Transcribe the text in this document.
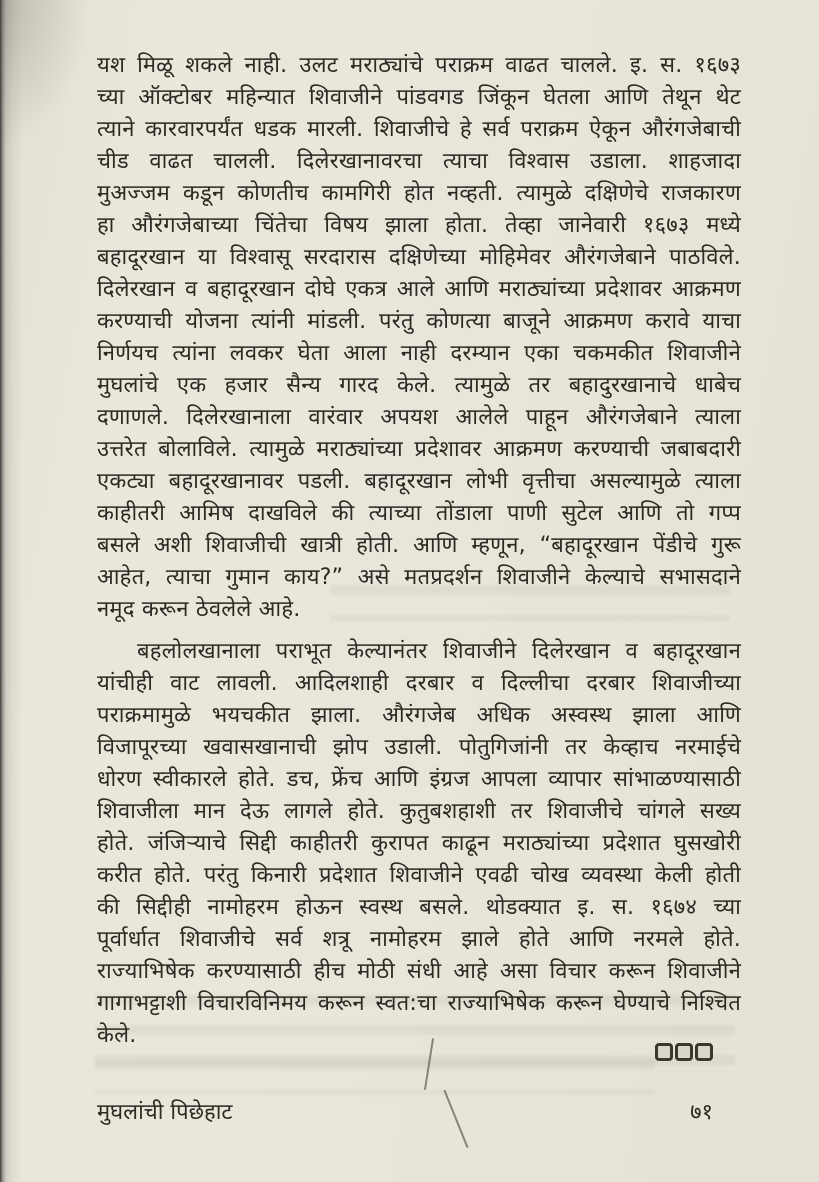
यश मिळू शकले नाही. उलट मराठ्यांचे पराक्रम वाढत चालले. इ. स. १६७३
च्या ऑक्टोबर महिन्यात शिवाजीने पांडवगड जिंकून घेतला आणि तेथून थेट
त्याने कारवारपर्यंत धडक मारली. शिवाजीचे हे सर्व पराक्रम ऐकून औरंगजेबाची
चीड वाढत चालली. दिलेरखानावरचा त्याचा विश्वास उडाला. शाहजादा
मुअज्जम कडून कोणतीच कामगिरी होत नव्हती. त्यामुळे दक्षिणेचे राजकारण
हा औरंगजेबाच्या चिंतेचा विषय झाला होता. तेव्हा जानेवारी १६७३ मध्ये
बहादूरखान या विश्वासू सरदारास दक्षिणेच्या मोहिमेवर औरंगजेबाने पाठविले.
दिलेरखान व बहादूरखान दोघे एकत्र आले आणि मराठ्यांच्या प्रदेशावर आक्रमण
करण्याची योजना त्यांनी मांडली. परंतु कोणत्या बाजूने आक्रमण करावे याचा
निर्णयच त्यांना लवकर घेता आला नाही दरम्यान एका चकमकीत शिवाजीने
मुघलांचे एक हजार सैन्य गारद केले. त्यामुळे तर बहादुरखानाचे धाबेच
दणाणले. दिलेरखानाला वारंवार अपयश आलेले पाहून औरंगजेबाने त्याला
उत्तरेत बोलाविले. त्यामुळे मराठ्यांच्या प्रदेशावर आक्रमण करण्याची जबाबदारी
एकट्या बहादूरखानावर पडली. बहादूरखान लोभी वृत्तीचा असल्यामुळे त्याला
काहीतरी आमिष दाखविले की त्याच्या तोंडाला पाणी सुटेल आणि तो गप्प
बसले अशी शिवाजीची खात्री होती. आणि म्हणून, “बहादूरखान पेंडीचे गुरू
आहेत, त्याचा गुमान काय?” असे मतप्रदर्शन शिवाजीने केल्याचे सभासदाने
नमूद करून ठेवलेले आहे.
बहलोलखानाला पराभूत केल्यानंतर शिवाजीने दिलेरखान व बहादूरखान
यांचीही वाट लावली. आदिलशाही दरबार व दिल्लीचा दरबार शिवाजीच्या
पराक्रमामुळे भयचकीत झाला. औरंगजेब अधिक अस्वस्थ झाला आणि
विजापूरच्या खवासखानाची झोप उडाली. पोतुगिजांनी तर केव्हाच नरमाईचे
धोरण स्वीकारले होते. डच, फ्रेंच आणि इंग्रज आपला व्यापार सांभाळण्यासाठी
शिवाजीला मान देऊ लागले होते. कुतुबशहाशी तर शिवाजीचे चांगले सख्य
होते. जंजिऱ्याचे सिद्दी काहीतरी कुरापत काढून मराठ्यांच्या प्रदेशात घुसखोरी
करीत होते. परंतु किनारी प्रदेशात शिवाजीने एवढी चोख व्यवस्था केली होती
की सिद्दीही नामोहरम होऊन स्वस्थ बसले. थोडक्यात इ. स. १६७४ च्या
पूर्वार्धात शिवाजीचे सर्व शत्रू नामोहरम झाले होते आणि नरमले होते.
राज्याभिषेक करण्यासाठी हीच मोठी संधी आहे असा विचार करून शिवाजीने
गागाभट्टाशी विचारविनिमय करून स्वत:चा राज्याभिषेक करून घेण्याचे निश्चित
केले.
मुघलांची पिछेहाट	७१
